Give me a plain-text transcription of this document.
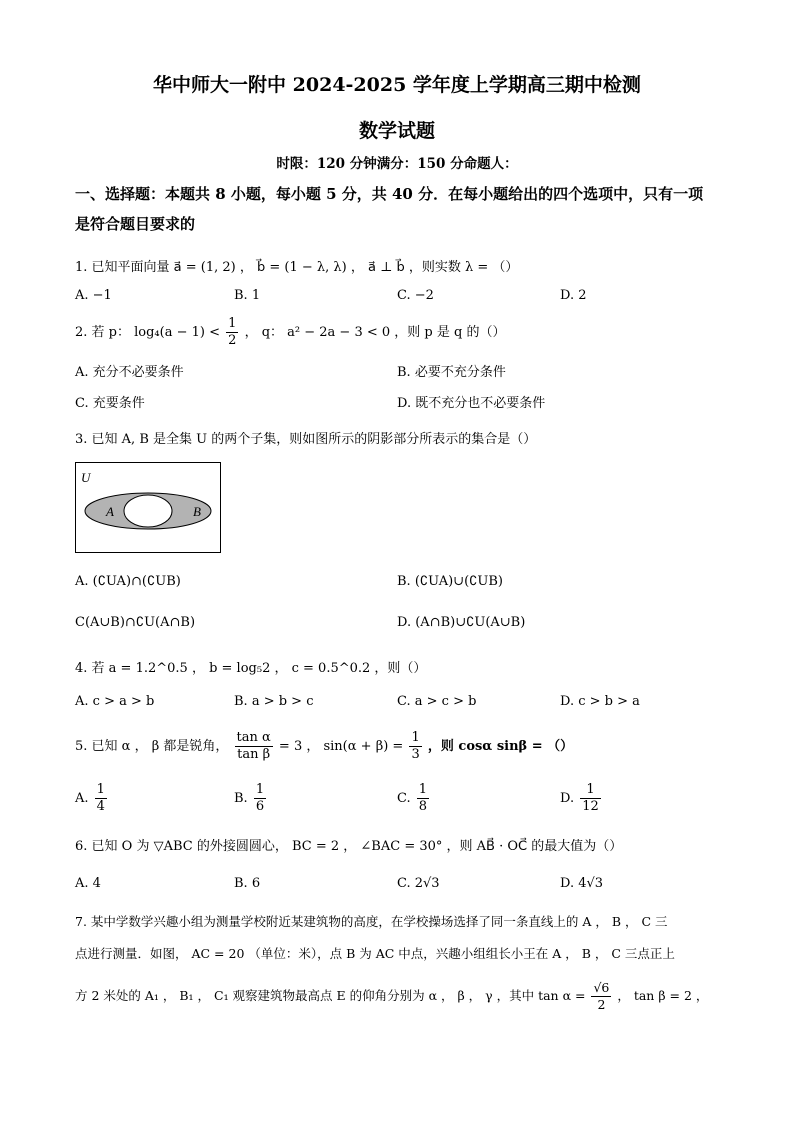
华中师大一附中 2024-2025 学年度上学期高三期中检测
数学试题
时限：120 分钟满分：150 分命题人：
一、选择题：本题共 8 小题，每小题 5 分，共 40 分．在每小题给出的四个选项中，只有一项
是符合题目要求的
1. 已知平面向量 a⃗ = (1, 2) ， b⃗ = (1 − λ, λ) ， a⃗ ⊥ b⃗ ，则实数 λ = （）
A. −1	B. 1	C. −2	D. 2
2. 若 p： $\log_4(a - 1) < \frac{1}{2}$ ， q： a² − 2a − 3 < 0 ，则 p 是 q 的（）
A. 充分不必要条件	B. 必要不充分条件
C. 充要条件	D. 既不充分也不必要条件
3. 已知 A, B 是全集 U 的两个子集，则如图所示的阴影部分所表示的集合是（）
U
A	B
A. (∁UA)∩(∁UB)	B. (∁UA)∪(∁UB)
C(A∪B)∩∁U(A∩B)	D. (A∩B)∪∁U(A∪B)
4. 若 a = 1.2^0.5 ， b = log₅2 ， c = 0.5^0.2 ，则（）
A. c > a > b	B. a > b > c	C. a > c > b	D. c > b > a
5. 已知 α ， β 都是锐角， $\frac{\text{tan α}}{\text{tan β}} = 3$ ， $\sin(\alpha + \beta) = \frac{1}{3}$ ，则 cosα sinβ = （）
A. $\frac{1}{4}$	B. $\frac{1}{6}$	C. $\frac{1}{8}$	D. $\frac{1}{12}$
6. 已知 O 为 ▽ABC 的外接圆圆心， BC = 2 ， ∠BAC = 30° ，则 AB⃗ · OC⃗ 的最大值为（）
A. 4	B. 6	C. 2√3	D. 4√3
7. 某中学数学兴趣小组为测量学校附近某建筑物的高度，在学校操场选择了同一条直线上的 A ， B ， C 三
点进行测量．如图， AC = 20 （单位：米），点 B 为 AC 中点，兴趣小组组长小王在 A ， B ， C 三点正上
方 2 米处的 A₁ ， B₁ ， C₁ 观察建筑物最高点 E 的仰角分别为 α ， β ， γ ，其中 $\tan \alpha = \frac{√6}{2}$ ， tan β = 2 ，
